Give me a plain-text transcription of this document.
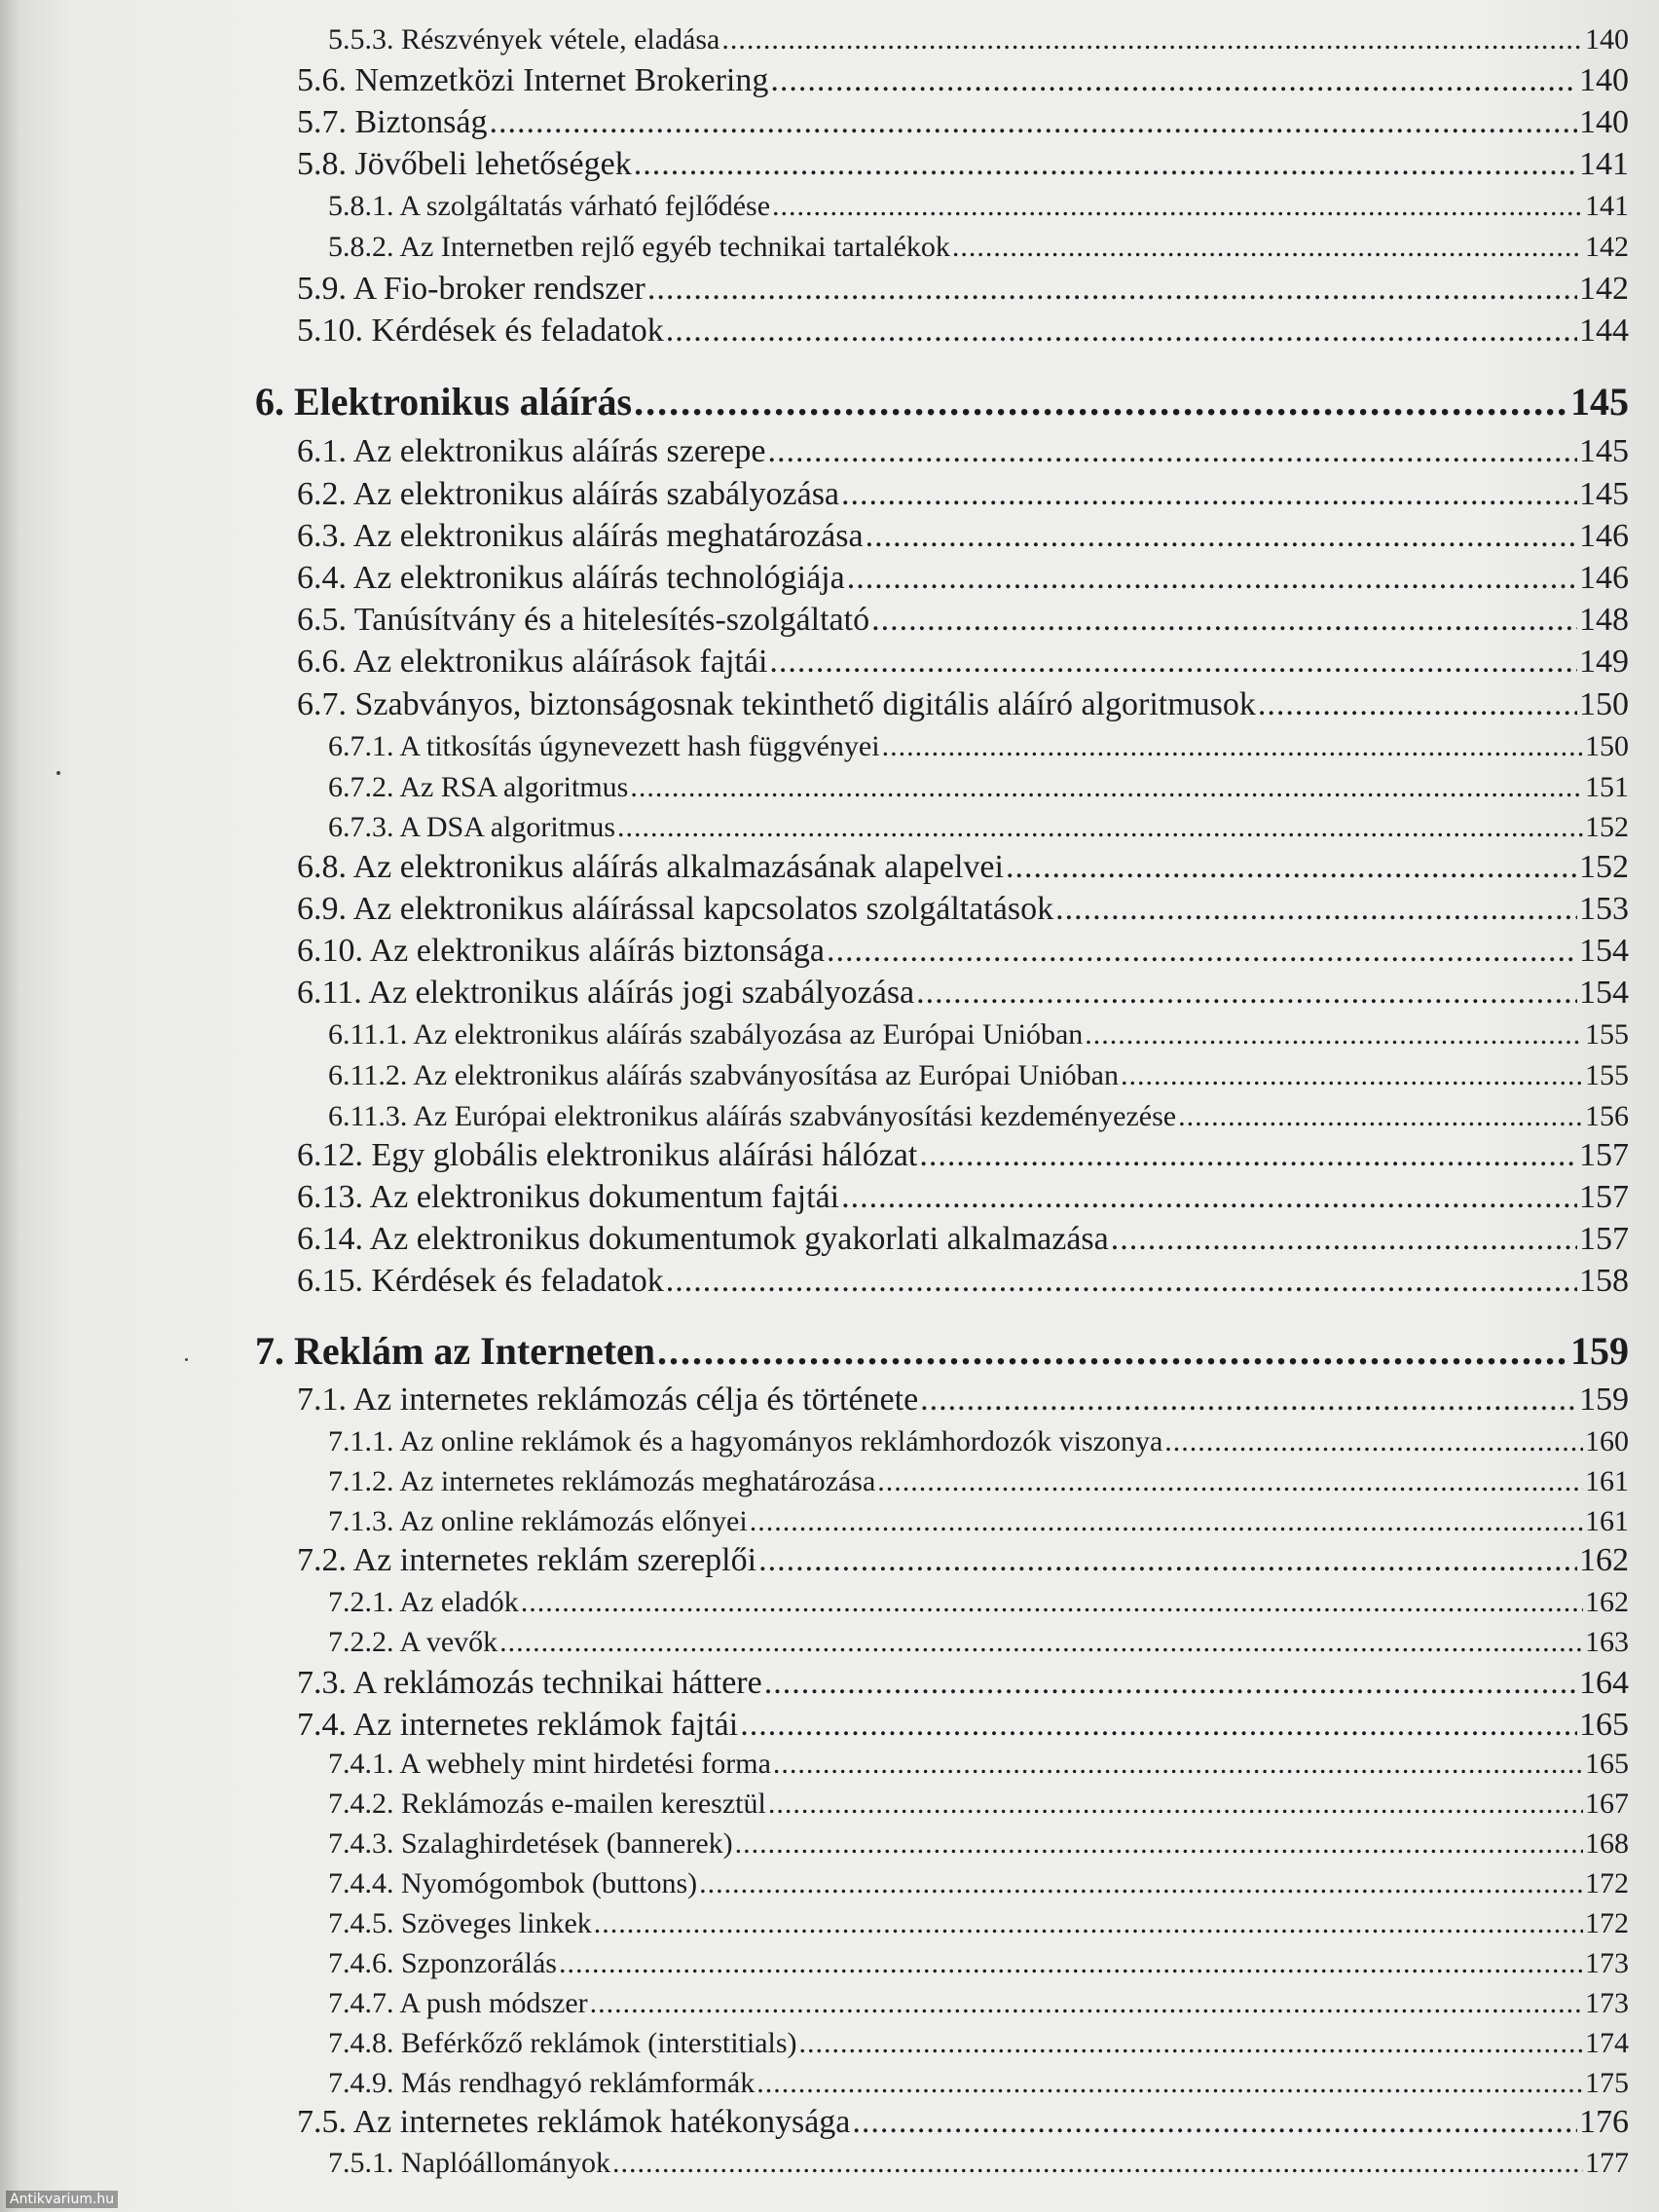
5.5.3. Részvények vétele, eladása .....	140
5.6. Nemzetközi Internet Brokering .....	140
5.7. Biztonság .....	140
5.8. Jövőbeli lehetőségek .....	141
5.8.1. A szolgáltatás várható fejlődése .....	141
5.8.2. Az Internetben rejlő egyéb technikai tartalékok .....	142
5.9. A Fio-broker rendszer .....	142
5.10. Kérdések és feladatok .....	144
6. Elektronikus aláírás .....	145
6.1. Az elektronikus aláírás szerepe .....	145
6.2. Az elektronikus aláírás szabályozása .....	145
6.3. Az elektronikus aláírás meghatározása .....	146
6.4. Az elektronikus aláírás technológiája .....	146
6.5. Tanúsítvány és a hitelesítés-szolgáltató .....	148
6.6. Az elektronikus aláírások fajtái .....	149
6.7. Szabványos, biztonságosnak tekinthető digitális aláíró algoritmusok .....	150
6.7.1. A titkosítás úgynevezett hash függvényei .....	150
6.7.2. Az RSA algoritmus .....	151
6.7.3. A DSA algoritmus .....	152
6.8. Az elektronikus aláírás alkalmazásának alapelvei .....	152
6.9. Az elektronikus aláírással kapcsolatos szolgáltatások .....	153
6.10. Az elektronikus aláírás biztonsága .....	154
6.11. Az elektronikus aláírás jogi szabályozása .....	154
6.11.1. Az elektronikus aláírás szabályozása az Európai Unióban .....	155
6.11.2. Az elektronikus aláírás szabványosítása az Európai Unióban .....	155
6.11.3. Az Európai elektronikus aláírás szabványosítási kezdeményezése .....	156
6.12. Egy globális elektronikus aláírási hálózat .....	157
6.13. Az elektronikus dokumentum fajtái .....	157
6.14. Az elektronikus dokumentumok gyakorlati alkalmazása .....	157
6.15. Kérdések és feladatok .....	158
7. Reklám az Interneten .....	159
7.1. Az internetes reklámozás célja és története .....	159
7.1.1. Az online reklámok és a hagyományos reklámhordozók viszonya .....	160
7.1.2. Az internetes reklámozás meghatározása .....	161
7.1.3. Az online reklámozás előnyei .....	161
7.2. Az internetes reklám szereplői .....	162
7.2.1. Az eladók .....	162
7.2.2. A vevők .....	163
7.3. A reklámozás technikai háttere .....	164
7.4. Az internetes reklámok fajtái .....	165
7.4.1. A webhely mint hirdetési forma .....	165
7.4.2. Reklámozás e-mailen keresztül .....	167
7.4.3. Szalaghirdetések (bannerek) .....	168
7.4.4. Nyomógombok (buttons) .....	172
7.4.5. Szöveges linkek .....	172
7.4.6. Szponzorálás .....	173
7.4.7. A push módszer .....	173
7.4.8. Beférkőző reklámok (interstitials) .....	174
7.4.9. Más rendhagyó reklámformák .....	175
7.5. Az internetes reklámok hatékonysága .....	176
7.5.1. Naplóállományok .....	177
Antikvarium.hu
